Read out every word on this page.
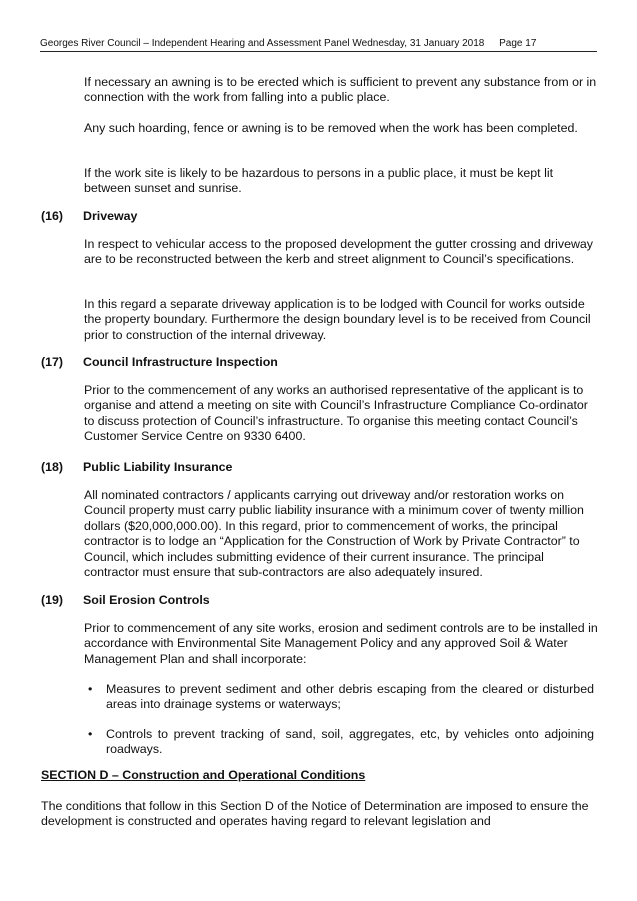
Georges River Council – Independent Hearing and Assessment Panel Wednesday, 31 January 2018 Page 17

If necessary an awning is to be erected which is sufficient to prevent any substance from or in connection with the work from falling into a public place.

Any such hoarding, fence or awning is to be removed when the work has been completed.

If the work site is likely to be hazardous to persons in a public place, it must be kept lit between sunset and sunrise.

(16) Driveway

In respect to vehicular access to the proposed development the gutter crossing and driveway are to be reconstructed between the kerb and street alignment to Council’s specifications.

In this regard a separate driveway application is to be lodged with Council for works outside the property boundary. Furthermore the design boundary level is to be received from Council prior to construction of the internal driveway.

(17) Council Infrastructure Inspection

Prior to the commencement of any works an authorised representative of the applicant is to organise and attend a meeting on site with Council’s Infrastructure Compliance Co-ordinator to discuss protection of Council’s infrastructure. To organise this meeting contact Council’s Customer Service Centre on 9330 6400.

(18) Public Liability Insurance

All nominated contractors / applicants carrying out driveway and/or restoration works on Council property must carry public liability insurance with a minimum cover of twenty million dollars ($20,000,000.00). In this regard, prior to commencement of works, the principal contractor is to lodge an “Application for the Construction of Work by Private Contractor” to Council, which includes submitting evidence of their current insurance. The principal contractor must ensure that sub-contractors are also adequately insured.

(19) Soil Erosion Controls

Prior to commencement of any site works, erosion and sediment controls are to be installed in accordance with Environmental Site Management Policy and any approved Soil & Water Management Plan and shall incorporate:

• Measures to prevent sediment and other debris escaping from the cleared or disturbed areas into drainage systems or waterways;

• Controls to prevent tracking of sand, soil, aggregates, etc, by vehicles onto adjoining roadways.

SECTION D – Construction and Operational Conditions

The conditions that follow in this Section D of the Notice of Determination are imposed to ensure the development is constructed and operates having regard to relevant legislation and
